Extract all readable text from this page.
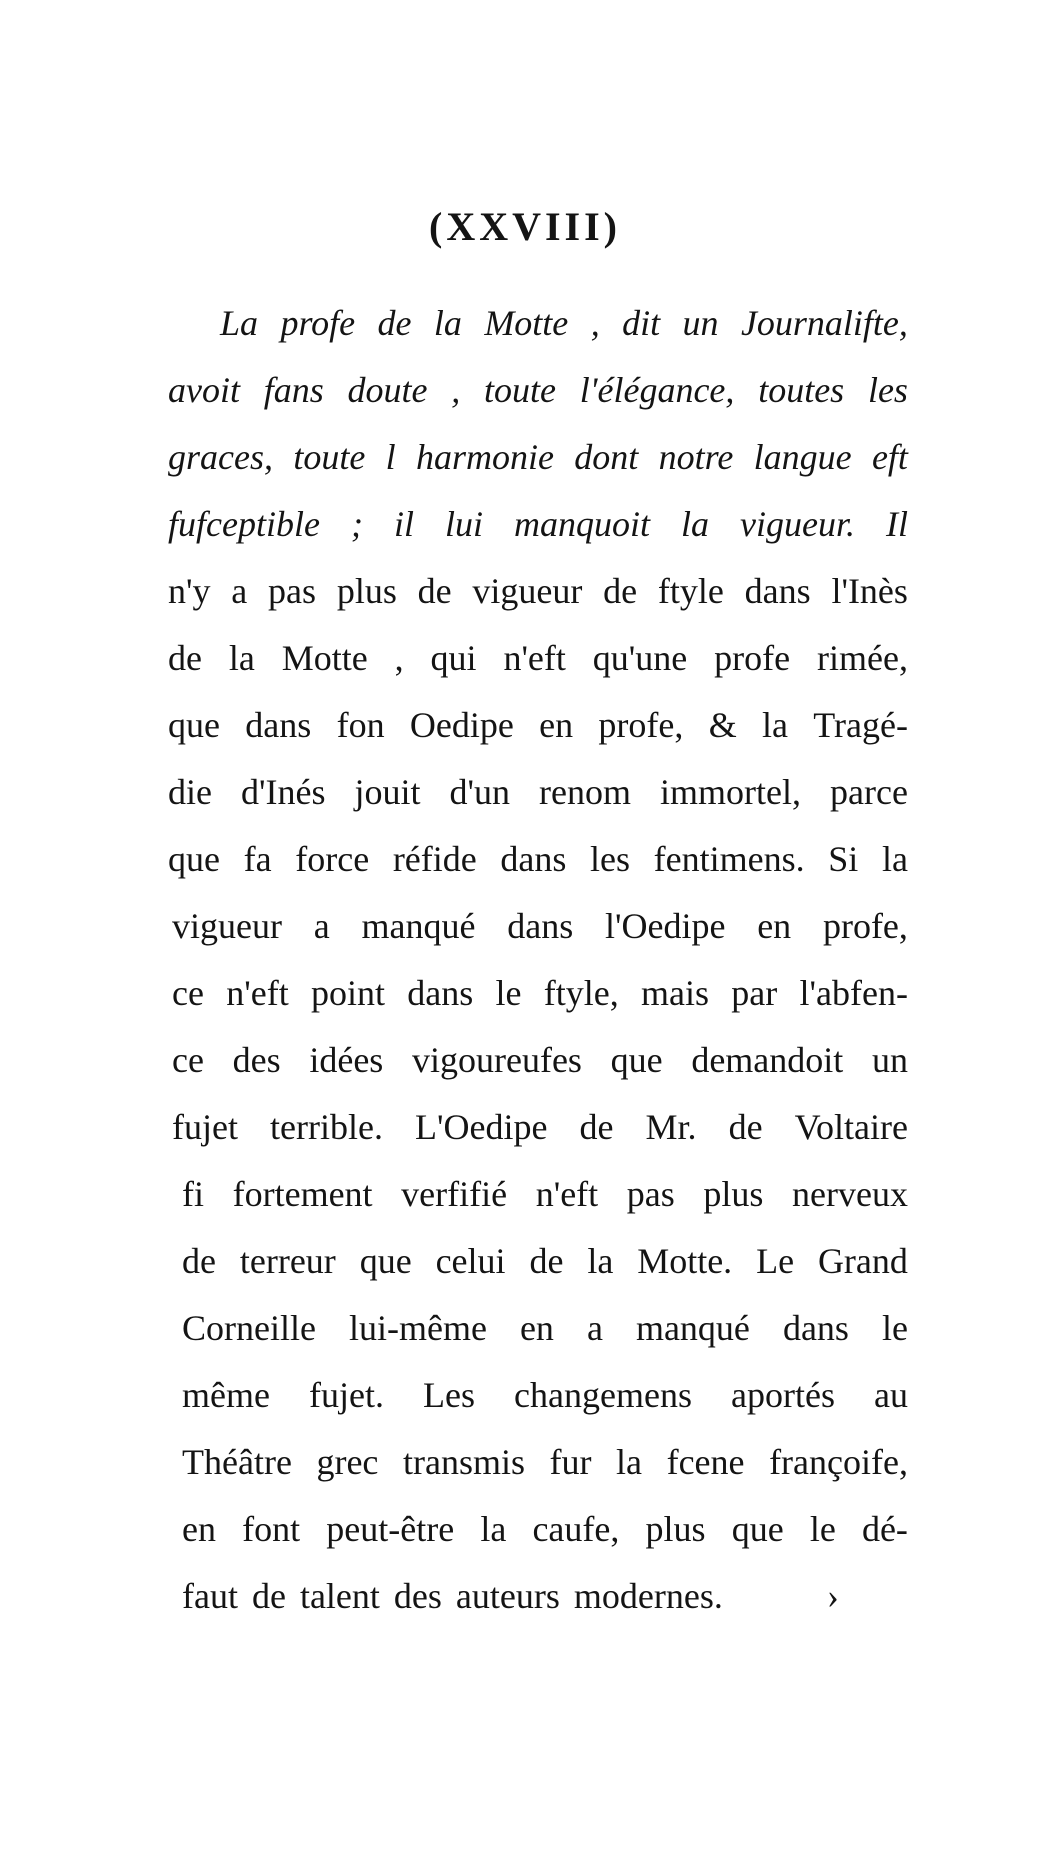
(XXVIII)
La profe de la Motte , dit un Journalifte,
avoit fans doute , toute l'élégance, toutes les
graces, toute l harmonie dont notre langue eft
fufceptible ; il lui manquoit la vigueur. Il
n'y a pas plus de vigueur de ftyle dans l'Inès
de la Motte , qui n'eft qu'une profe rimée,
que dans fon Oedipe en profe, & la Tragé-
die d'Inés jouit d'un renom immortel, parce
que fa force réfide dans les fentimens. Si la
vigueur a manqué dans l'Oedipe en profe,
ce n'eft point dans le ftyle, mais par l'abfen-
ce des idées vigoureufes que demandoit un
fujet terrible. L'Oedipe de Mr. de Voltaire
fi fortement verfifié n'eft pas plus nerveux
de terreur que celui de la Motte. Le Grand
Corneille lui-même en a manqué dans le
même fujet. Les changemens aportés au
Théâtre grec transmis fur la fcene françoife,
en font peut-être la caufe, plus que le dé-
faut de talent des auteurs modernes.	›
